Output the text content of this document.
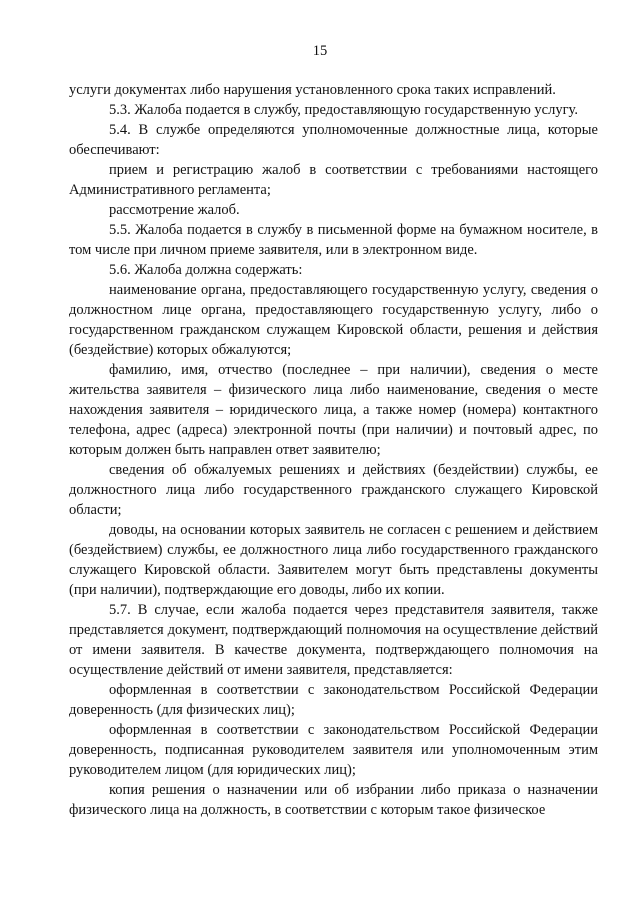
15

услуги документах либо нарушения установленного срока таких исправлений.

5.3. Жалоба подается в службу, предоставляющую государственную услугу.

5.4. В службе определяются уполномоченные должностные лица, которые обеспечивают:

прием и регистрацию жалоб в соответствии с требованиями настоящего Административного регламента;

рассмотрение жалоб.

5.5. Жалоба подается в службу в письменной форме на бумажном носителе, в том числе при личном приеме заявителя, или в электронном виде.

5.6. Жалоба должна содержать:

наименование органа, предоставляющего государственную услугу, сведения о должностном лице органа, предоставляющего государственную услугу, либо о государственном гражданском служащем Кировской области, решения и действия (бездействие) которых обжалуются;

фамилию, имя, отчество (последнее – при наличии), сведения о месте жительства заявителя – физического лица либо наименование, сведения о месте нахождения заявителя – юридического лица, а также номер (номера) контактного телефона, адрес (адреса) электронной почты (при наличии) и почтовый адрес, по которым должен быть направлен ответ заявителю;

сведения об обжалуемых решениях и действиях (бездействии) службы, ее должностного лица либо государственного гражданского служащего Кировской области;

доводы, на основании которых заявитель не согласен с решением и действием (бездействием) службы, ее должностного лица либо государственного гражданского служащего Кировской области. Заявителем могут быть представлены документы (при наличии), подтверждающие его доводы, либо их копии.

5.7. В случае, если жалоба подается через представителя заявителя, также представляется документ, подтверждающий полномочия на осуществление действий от имени заявителя. В качестве документа, подтверждающего полномочия на осуществление действий от имени заявителя, представляется:

оформленная в соответствии с законодательством Российской Федерации доверенность (для физических лиц);

оформленная в соответствии с законодательством Российской Федерации доверенность, подписанная руководителем заявителя или уполномоченным этим руководителем лицом (для юридических лиц);

копия решения о назначении или об избрании либо приказа о назначении физического лица на должность, в соответствии с которым такое физическое
